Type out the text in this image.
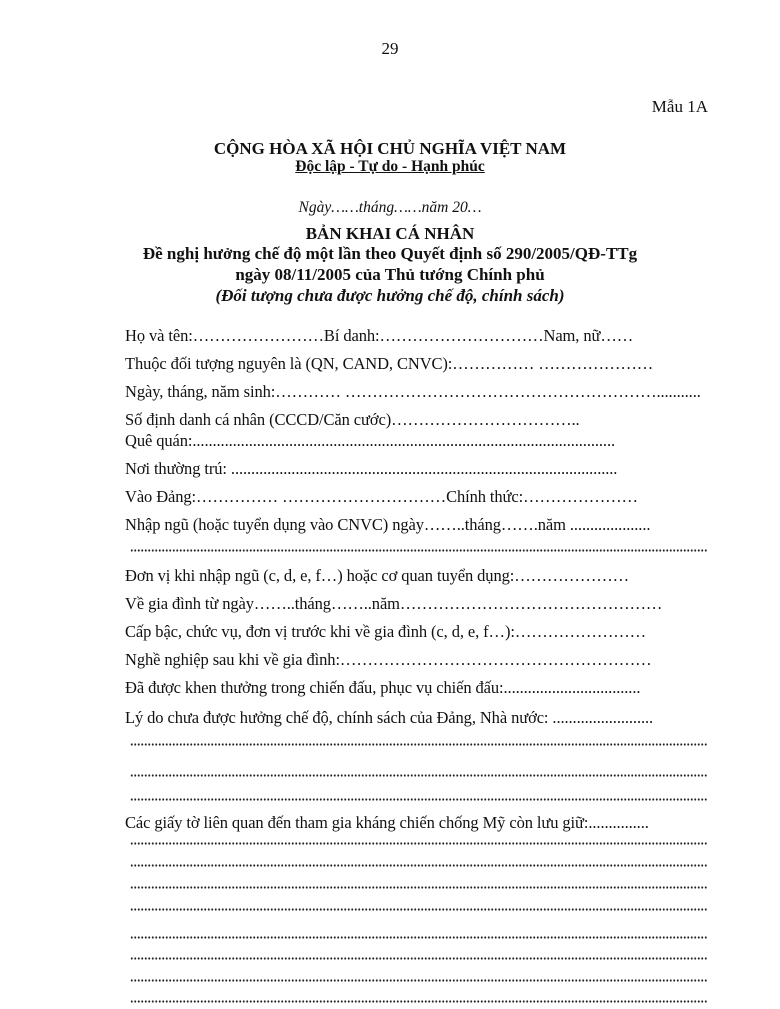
29
Mẫu 1A
CỘNG HÒA XÃ HỘI CHỦ NGHĨA VIỆT NAM
Độc lập - Tự do - Hạnh phúc
Ngày……tháng……năm 20…
BẢN KHAI CÁ NHÂN
Đề nghị hưởng chế độ một lần theo Quyết định số 290/2005/QĐ-TTg
ngày 08/11/2005 của Thủ tướng Chính phủ
(Đối tượng chưa được hưởng chế độ, chính sách)
Họ và tên:……………………Bí danh:…………………………Nam, nữ……
Thuộc đối tượng nguyên là (QN, CAND, CNVC):…………… …………………
Ngày, tháng, năm sinh:………… …………………………………………………...........
Số định danh cá nhân (CCCD/Căn cước)……………………………..
Quê quán:.........................................................................................................
Nơi thường trú: ................................................................................................
Vào Đảng:…………… …………………………Chính thức:…………………
Nhập ngũ (hoặc tuyển dụng vào CNVC) ngày……..tháng…….năm ....................
Đơn vị khi nhập ngũ (c, d, e, f…) hoặc cơ quan tuyển dụng:…………………
Về gia đình từ ngày……..tháng……..năm…………………………………………
Cấp bậc, chức vụ, đơn vị trước khi về gia đình (c, d, e, f…):……………………
Nghề nghiệp sau khi về gia đình:…………………………………………………
Đã được khen thưởng trong chiến đấu, phục vụ chiến đấu:..................................
Lý do chưa được hưởng chế độ, chính sách của Đảng, Nhà nước: .........................
Các giấy tờ liên quan đến tham gia kháng chiến chống Mỹ còn lưu giữ:...............
